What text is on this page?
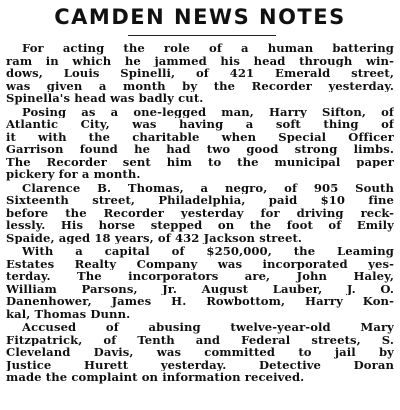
CAMDEN NEWS NOTES
For acting the role of a human battering
ram in which he jammed his head through win-
dows, Louis Spinelli, of 421 Emerald street,
was given a month by the Recorder yesterday.
Spinella's head was badly cut.
Posing as a one-legged man, Harry Sifton, of
Atlantic City, was having a soft thing of
it with the charitable when Special Officer
Garrison found he had two good strong limbs.
The Recorder sent him to the municipal paper
pickery for a month.
Clarence B. Thomas, a negro, of 905 South
Sixteenth street, Philadelphia, paid $10 fine
before the Recorder yesterday for driving reck-
lessly. His horse stepped on the foot of Emily
Spaide, aged 18 years, of 432 Jackson street.
With a capital of $250,000, the Leaming
Estates Realty Company was incorporated yes-
terday. The incorporators are, John Haley,
William Parsons, Jr. August Lauber, J. O.
Danenhower, James H. Rowbottom, Harry Kon-
kal, Thomas Dunn.
Accused of abusing twelve-year-old Mary
Fitzpatrick, of Tenth and Federal streets, S.
Cleveland Davis, was committed to jail by
Justice Hurett yesterday. Detective Doran
made the complaint on information received.
